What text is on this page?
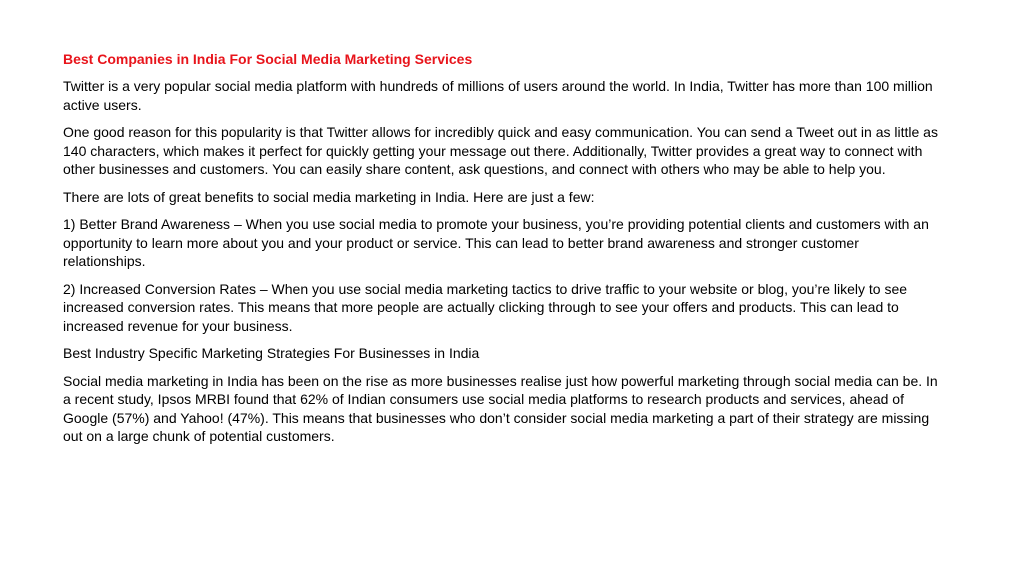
Best Companies in India For Social Media Marketing Services
Twitter is a very popular social media platform with hundreds of millions of users around the world. In India, Twitter has more than 100 million active users.
One good reason for this popularity is that Twitter allows for incredibly quick and easy communication. You can send a Tweet out in as little as 140 characters, which makes it perfect for quickly getting your message out there. Additionally, Twitter provides a great way to connect with other businesses and customers. You can easily share content, ask questions, and connect with others who may be able to help you.
There are lots of great benefits to social media marketing in India. Here are just a few:
1) Better Brand Awareness – When you use social media to promote your business, you’re providing potential clients and customers with an opportunity to learn more about you and your product or service. This can lead to better brand awareness and stronger customer relationships.
2) Increased Conversion Rates – When you use social media marketing tactics to drive traffic to your website or blog, you’re likely to see increased conversion rates. This means that more people are actually clicking through to see your offers and products. This can lead to increased revenue for your business.
Best Industry Specific Marketing Strategies For Businesses in India
Social media marketing in India has been on the rise as more businesses realise just how powerful marketing through social media can be. In a recent study, Ipsos MRBI found that 62% of Indian consumers use social media platforms to research products and services, ahead of Google (57%) and Yahoo! (47%). This means that businesses who don’t consider social media marketing a part of their strategy are missing out on a large chunk of potential customers.
